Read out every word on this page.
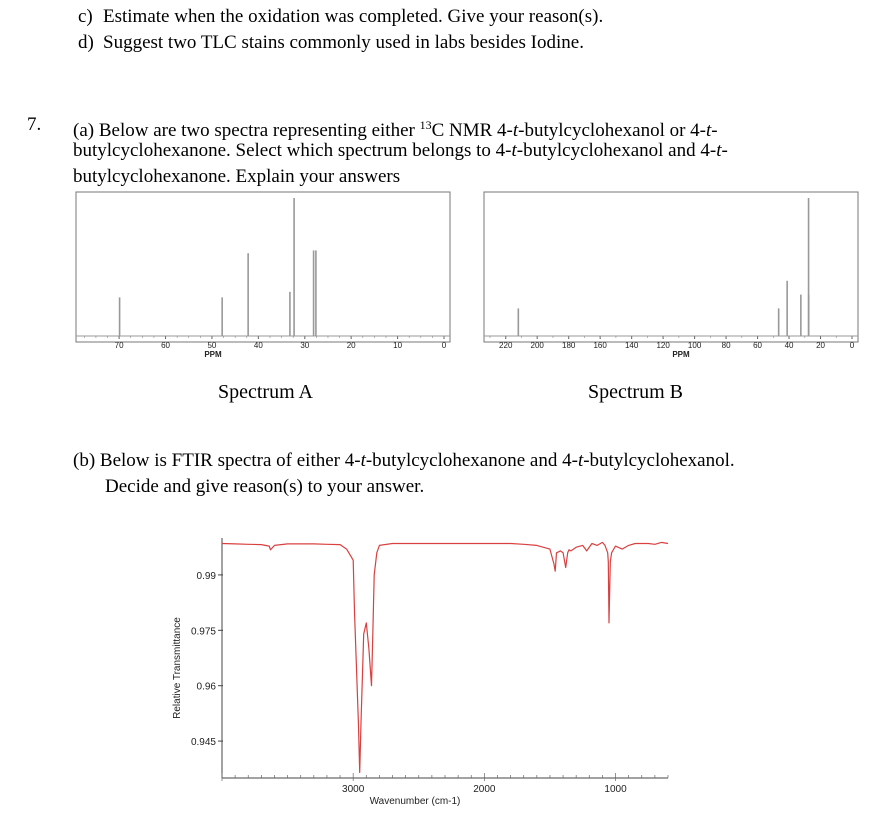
c) Estimate when the oxidation was completed. Give your reason(s).
d) Suggest two TLC stains commonly used in labs besides Iodine.
7. (a) Below are two spectra representing either $^{13}$C NMR 4-t-butylcyclohexanol or 4-t-
butylcyclohexanone. Select which spectrum belongs to 4-t-butylcyclohexanol and 4-t-
butylcyclohexanone. Explain your answers
70	60	50	40	30	20	10	0
PPM
Spectrum A
220 200 180 160 140 120 100	80	60	40	20	0
PPM
Spectrum B
(b) Below is FTIR spectra of either 4-t-butylcyclohexanone and 4-t-butylcyclohexanol.
Decide and give reason(s) to your answer.
0.99
0.975
0.96
0.945
3000	2000	1000
Wavenumber (cm-1)
Relative Transmittance
